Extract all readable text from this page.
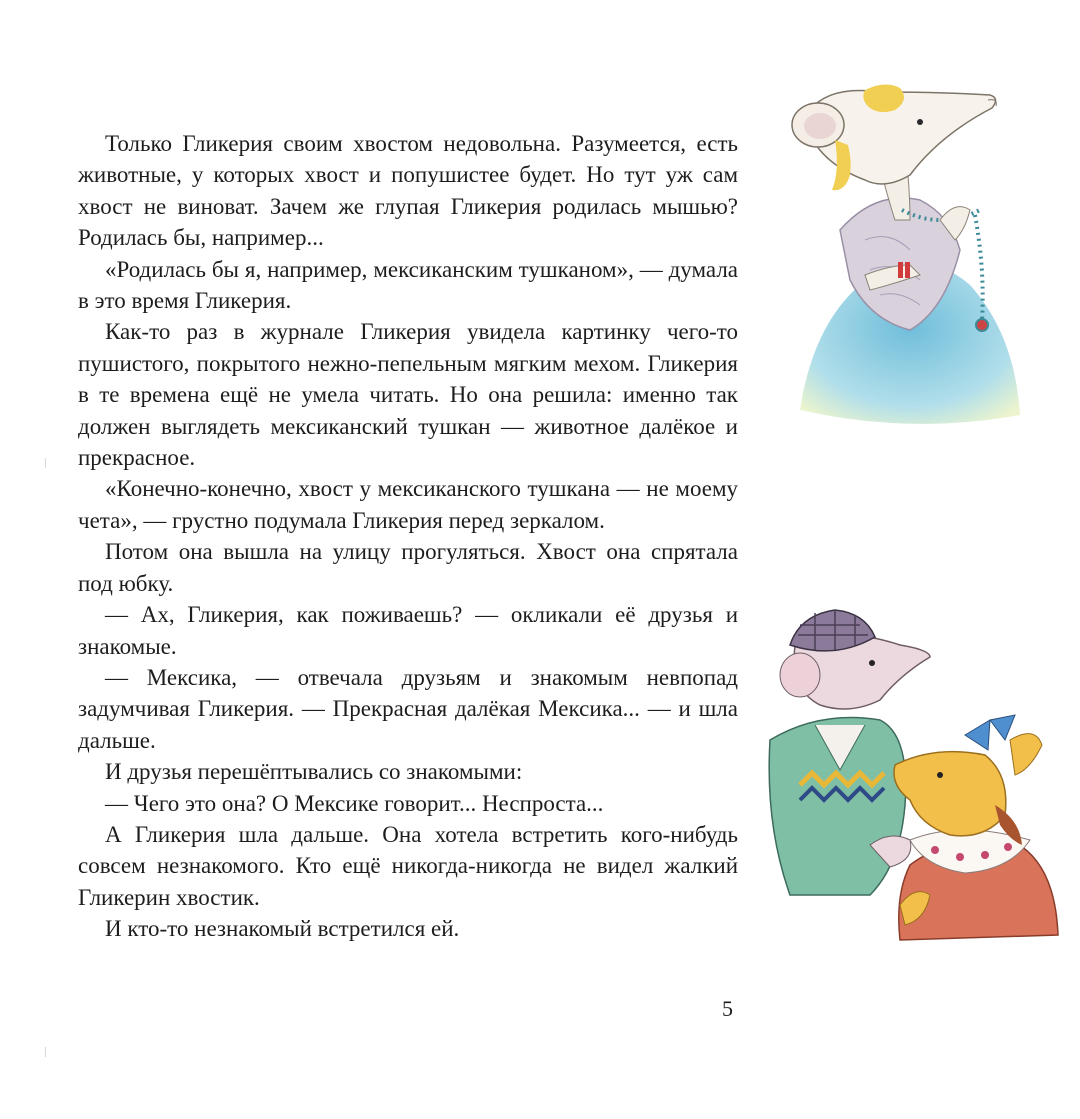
Только Гликерия своим хвостом недовольна. Разумеется, есть животные, у которых хвост и попушистее будет. Но тут уж сам хвост не виноват. Зачем же глупая Гликерия родилась мышью? Родилась бы, например...

«Родилась бы я, например, мексиканским тушканом», — думала в это время Гликерия.

Как-то раз в журнале Гликерия увидела картинку чего-то пушистого, покрытого нежно-пепельным мягким мехом. Гликерия в те времена ещё не умела читать. Но она решила: именно так должен выглядеть мексиканский тушкан — животное далёкое и прекрасное.

«Конечно-конечно, хвост у мексиканского тушкана — не моему чета», — грустно подумала Гликерия перед зеркалом.

Потом она вышла на улицу прогуляться. Хвост она спрятала под юбку.

— Ах, Гликерия, как поживаешь? — окликали её друзья и знакомые.

— Мексика, — отвечала друзьям и знакомым невпопад задумчивая Гликерия. — Прекрасная далёкая Мексика... — и шла дальше.

И друзья перешёптывались со знакомыми:

— Чего это она? О Мексике говорит... Неспроста...

А Гликерия шла дальше. Она хотела встретить кого-нибудь совсем незнакомого. Кто ещё никогда-никогда не видел жалкий Гликерин хвостик.

И кто-то незнакомый встретился ей.

5
